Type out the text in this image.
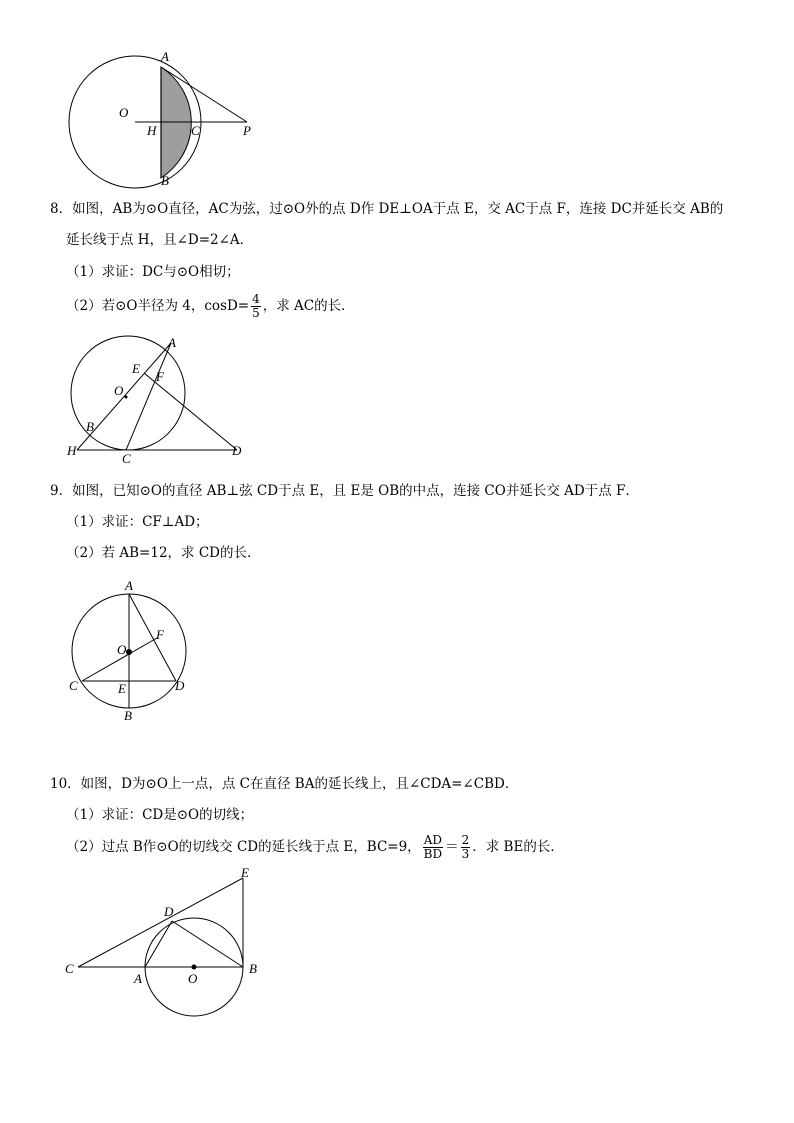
A
O
H	C	P
B
8．如图，AB为⊙O直径，AC为弦，过⊙O外的点 D作 DE⊥OA于点 E，交 AC于点 F，连接 DC并延长交 AB的
延长线于点 H，且∠D=2∠A．
（1）求证：DC与⊙O相切；
（2）若⊙O半径为 4，$\cos D= \frac{4}{5}$ ，求 AC的长．
A
E
F
O
B
H
C
D
9．如图，已知⊙O的直径 AB⊥弦 CD于点 E，且 E是 OB的中点，连接 CO并延长交 AD于点 F．
（1）求证：CF⊥AD；
（2）若 AB=12，求 CD的长．
A
F
O
C	E	D
B
10．如图，D为⊙O上一点，点 C在直径 BA的延长线上，且∠CDA=∠CBD．
（1）求证：CD是⊙O的切线；
（2）过点 B作⊙O的切线交 CD的延长线于点 E，BC=9， $\frac{AD}{BD} = \frac{2}{3}$ ．求 BE的长．
E
D
C
A	O
B
